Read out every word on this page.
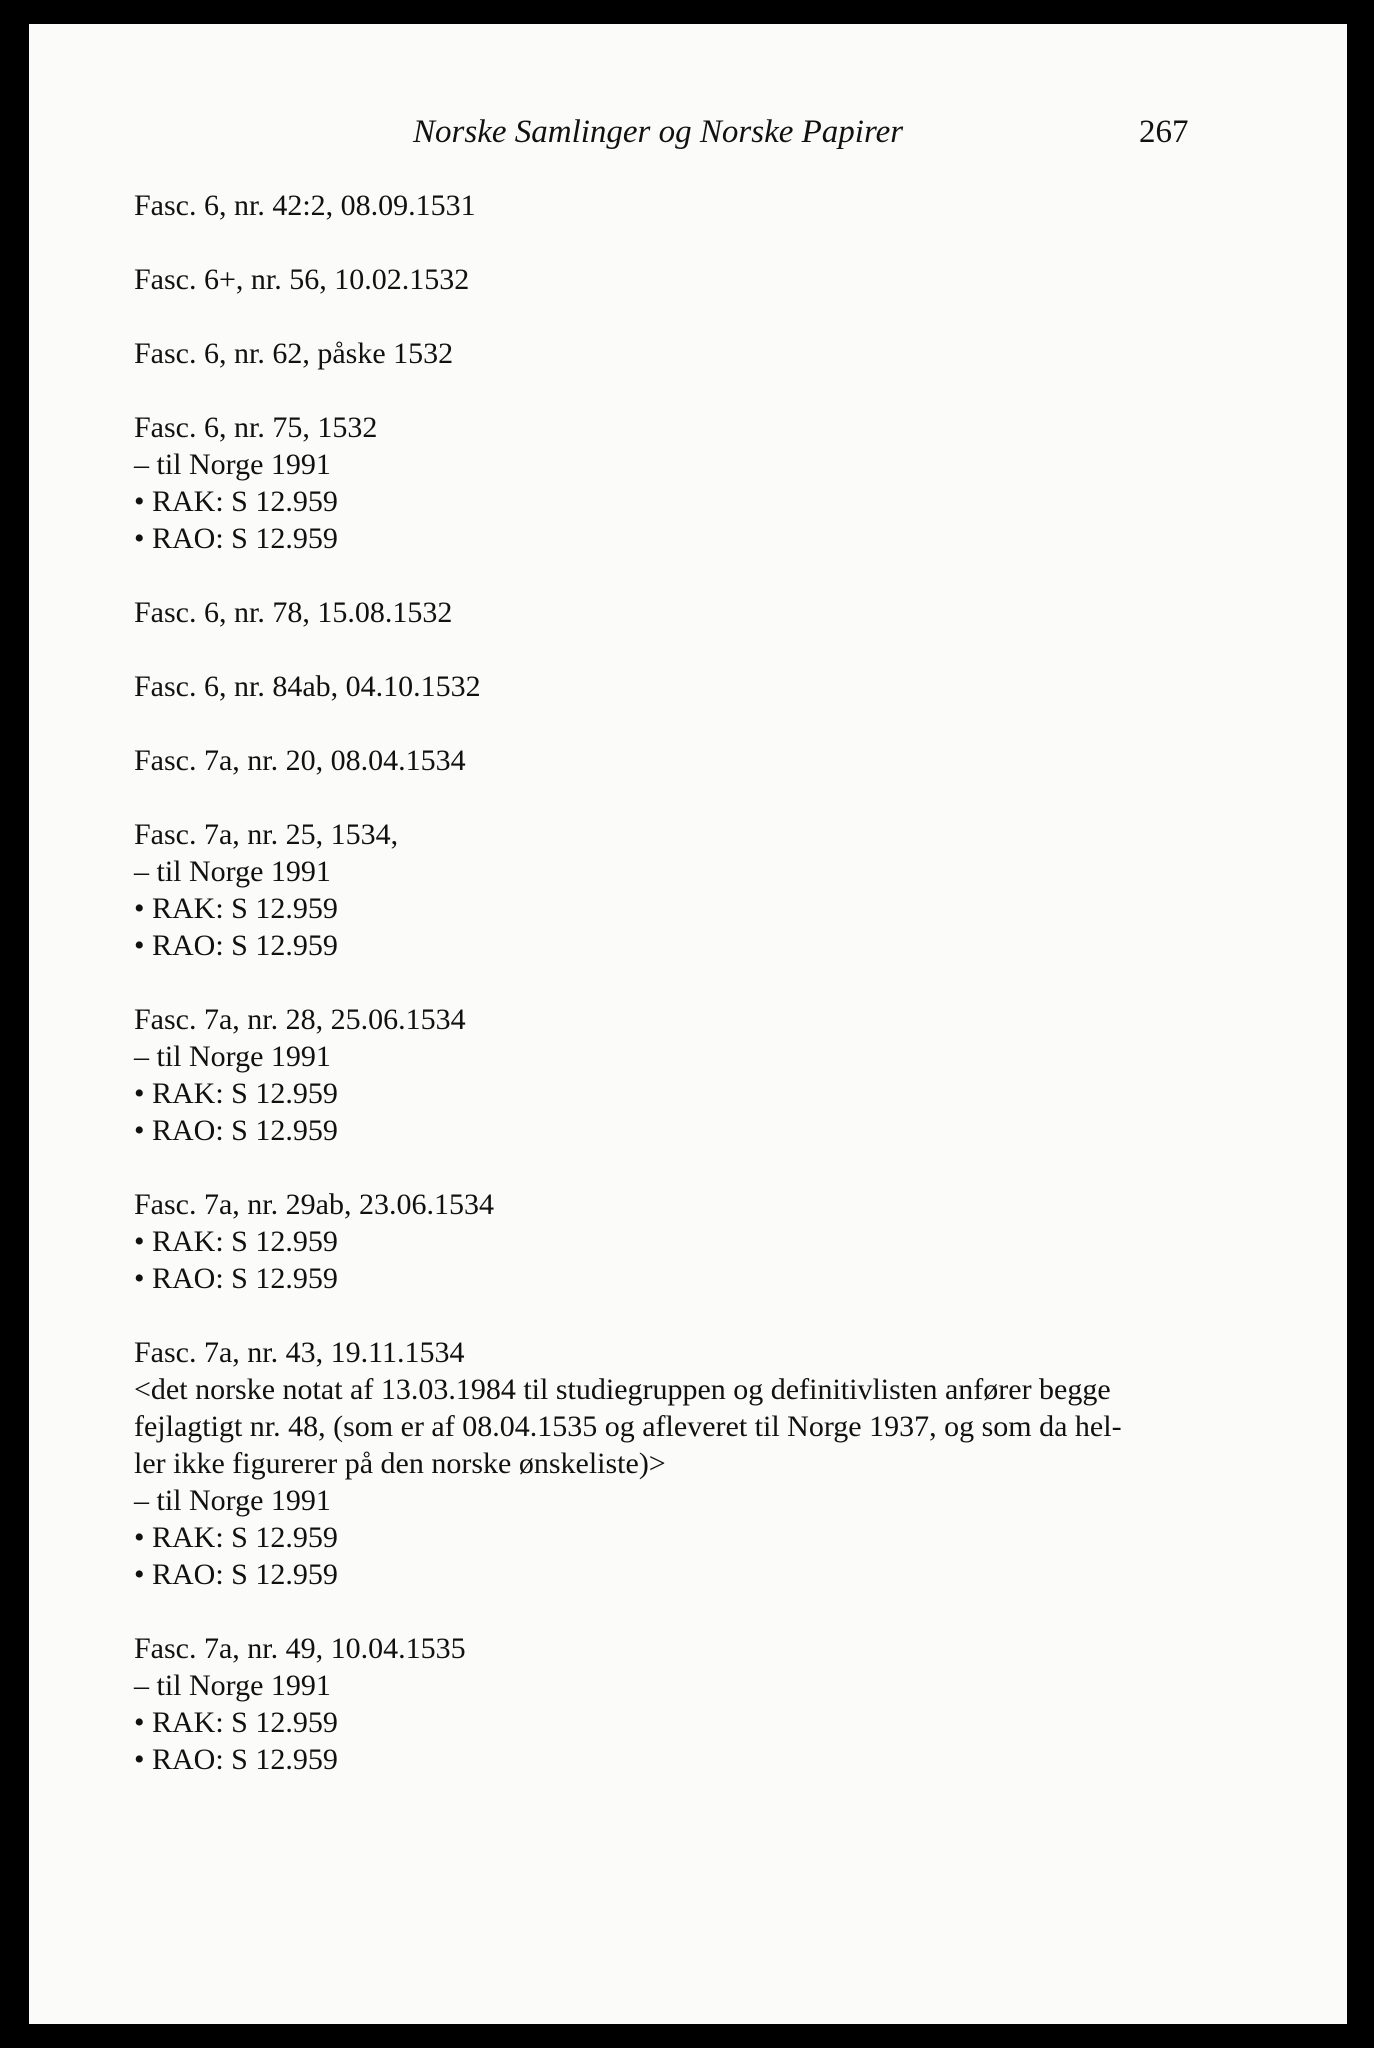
Norske Samlinger og Norske Papirer	267
Fasc. 6, nr. 42:2, 08.09.1531
Fasc. 6+, nr. 56, 10.02.1532
Fasc. 6, nr. 62, påske 1532
Fasc. 6, nr. 75, 1532
– til Norge 1991
• RAK: S 12.959
• RAO: S 12.959
Fasc. 6, nr. 78, 15.08.1532
Fasc. 6, nr. 84ab, 04.10.1532
Fasc. 7a, nr. 20, 08.04.1534
Fasc. 7a, nr. 25, 1534,
– til Norge 1991
• RAK: S 12.959
• RAO: S 12.959
Fasc. 7a, nr. 28, 25.06.1534
– til Norge 1991
• RAK: S 12.959
• RAO: S 12.959
Fasc. 7a, nr. 29ab, 23.06.1534
• RAK: S 12.959
• RAO: S 12.959
Fasc. 7a, nr. 43, 19.11.1534
<det norske notat af 13.03.1984 til studiegruppen og definitivlisten anfører begge
fejlagtigt nr. 48, (som er af 08.04.1535 og afleveret til Norge 1937, og som da hel-
ler ikke figurerer på den norske ønskeliste)>
– til Norge 1991
• RAK: S 12.959
• RAO: S 12.959
Fasc. 7a, nr. 49, 10.04.1535
– til Norge 1991
• RAK: S 12.959
• RAO: S 12.959
